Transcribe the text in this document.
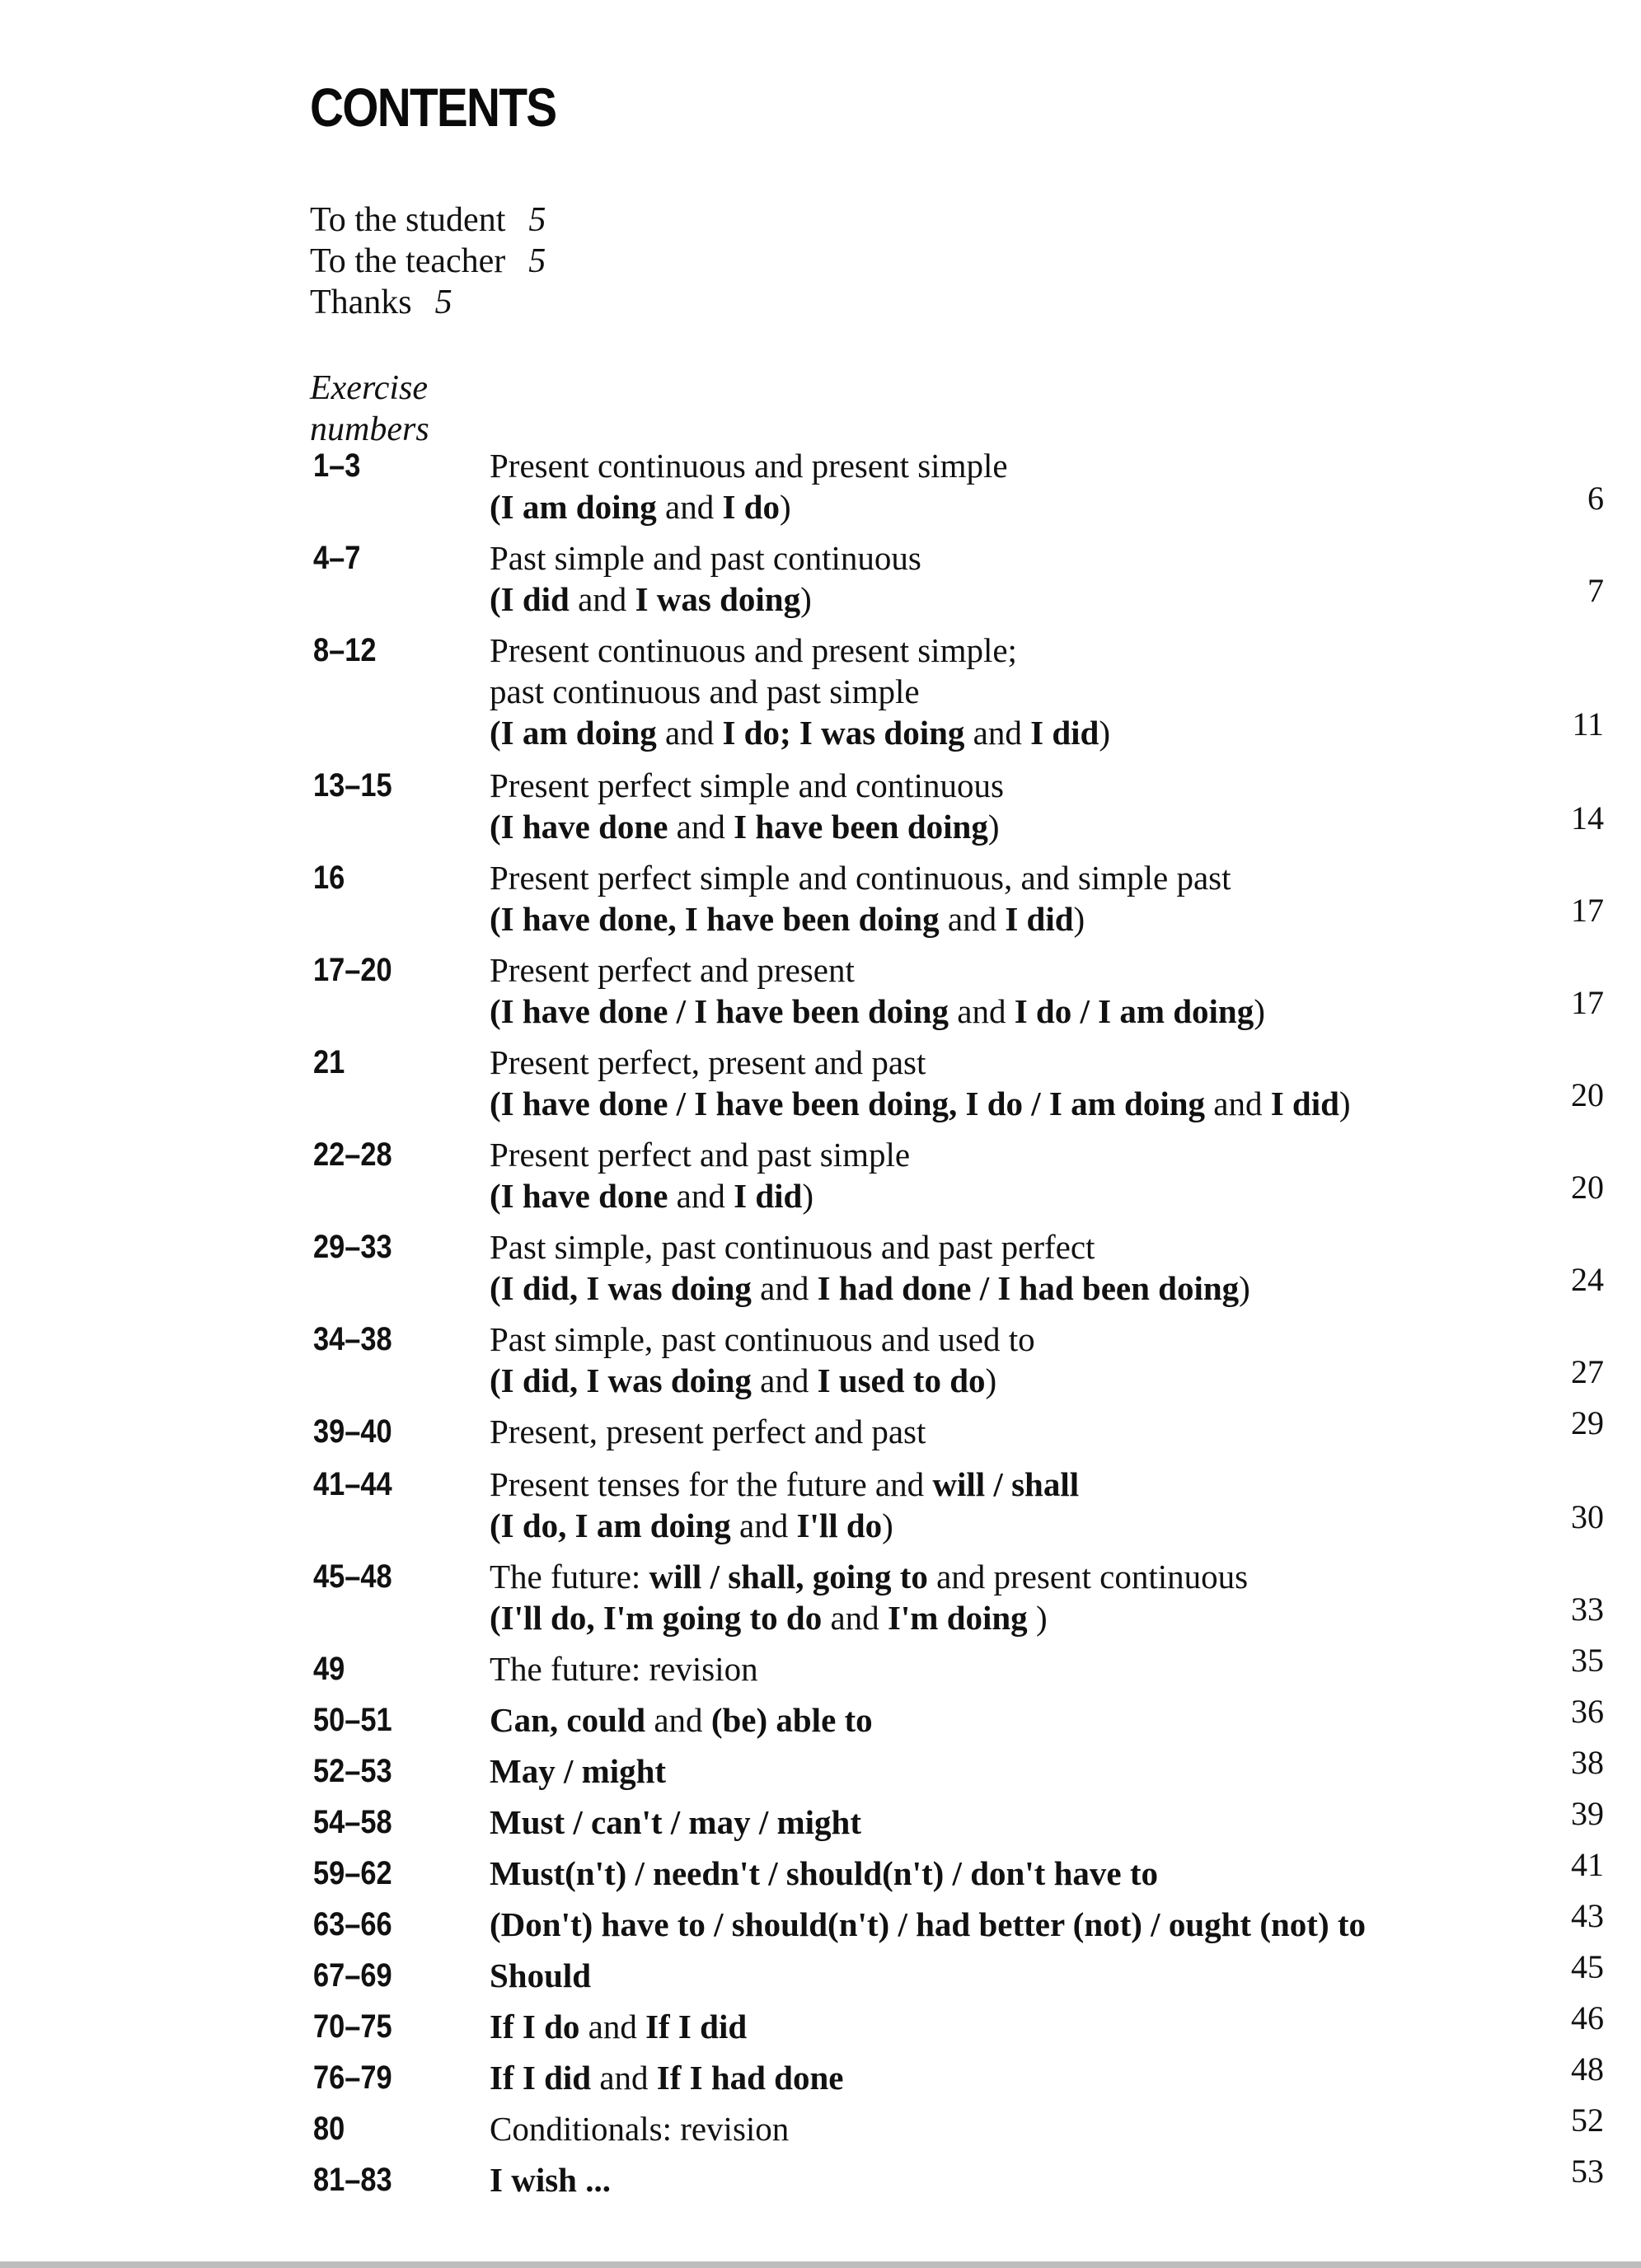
CONTENTS
To the student 5
To the teacher 5
Thanks 5
Exercise
numbers
1–3	Present continuous and present simple
(I am doing and I do)	6
4–7	Past simple and past continuous
(I did and I was doing)	7
8–12	Present continuous and present simple;
past continuous and past simple
(I am doing and I do; I was doing and I did)	11
13–15	Present perfect simple and continuous
(I have done and I have been doing)	14
16	Present perfect simple and continuous, and simple past
(I have done, I have been doing and I did)	17
17–20	Present perfect and present
(I have done / I have been doing and I do / I am doing)	17
21	Present perfect, present and past
(I have done / I have been doing, I do / I am doing and I did)	20
22–28	Present perfect and past simple
(I have done and I did)	20
29–33	Past simple, past continuous and past perfect
(I did, I was doing and I had done / I had been doing)	24
34–38	Past simple, past continuous and used to
(I did, I was doing and I used to do)	27
39–40	Present, present perfect and past	29
41–44	Present tenses for the future and will / shall
(I do, I am doing and I'll do)	30
45–48	The future: will / shall, going to and present continuous
(I'll do, I'm going to do and I'm doing )	33
49	The future: revision	35
50–51	Can, could and (be) able to	36
52–53	May / might	38
54–58	Must / can't / may / might	39
59–62	Must(n't) / needn't / should(n't) / don't have to	41
63–66	(Don't) have to / should(n't) / had better (not) / ought (not) to	43
67–69	Should	45
70–75	If I do and If I did	46
76–79	If I did and If I had done	48
80	Conditionals: revision	52
81–83	I wish ...	53
